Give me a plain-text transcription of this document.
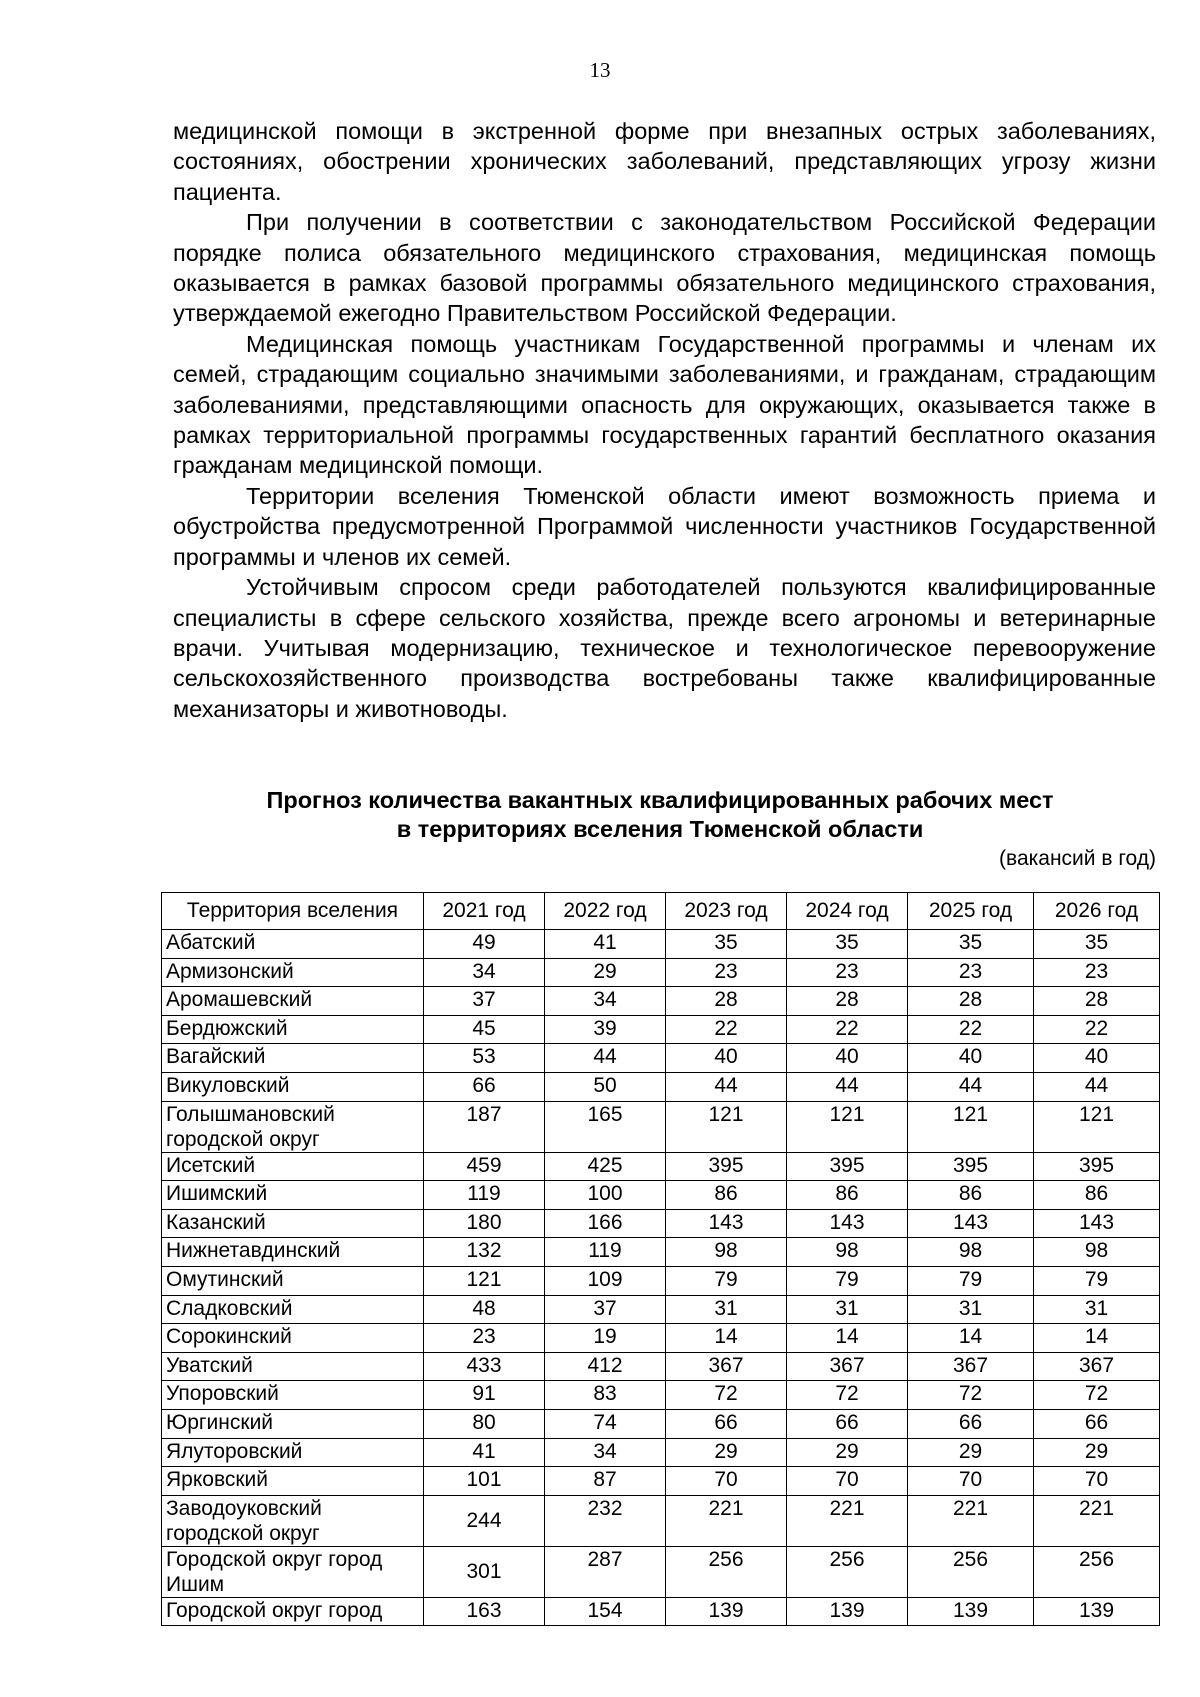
13

медицинской помощи в экстренной форме при внезапных острых заболеваниях, состояниях, обострении хронических заболеваний, представляющих угрозу жизни пациента.

При получении в соответствии с законодательством Российской Федерации порядке полиса обязательного медицинского страхования, медицинская помощь оказывается в рамках базовой программы обязательного медицинского страхования, утверждаемой ежегодно Правительством Российской Федерации.

Медицинская помощь участникам Государственной программы и членам их семей, страдающим социально значимыми заболеваниями, и гражданам, страдающим заболеваниями, представляющими опасность для окружающих, оказывается также в рамках территориальной программы государственных гарантий бесплатного оказания гражданам медицинской помощи.

Территории вселения Тюменской области имеют возможность приема и обустройства предусмотренной Программой численности участников Государственной программы и членов их семей.

Устойчивым спросом среди работодателей пользуются квалифицированные специалисты в сфере сельского хозяйства, прежде всего агрономы и ветеринарные врачи. Учитывая модернизацию, техническое и технологическое перевооружение сельскохозяйственного производства востребованы также квалифицированные механизаторы и животноводы.

Прогноз количества вакантных квалифицированных рабочих мест
в территориях вселения Тюменской области
(вакансий в год)
Территория вселения	2021 год	2022 год	2023 год	2024 год	2025 год	2026 год
Абатский	49	41	35	35	35	35
Армизонский	34	29	23	23	23	23
Аромашевский	37	34	28	28	28	28
Бердюжский	45	39	22	22	22	22
Вагайский	53	44	40	40	40	40
Викуловский	66	50	44	44	44	44
Голышмановский городской округ	187	165	121	121	121	121
Исетский	459	425	395	395	395	395
Ишимский	119	100	86	86	86	86
Казанский	180	166	143	143	143	143
Нижнетавдинский	132	119	98	98	98	98
Омутинский	121	109	79	79	79	79
Сладковский	48	37	31	31	31	31
Сорокинский	23	19	14	14	14	14
Уватский	433	412	367	367	367	367
Упоровский	91	83	72	72	72	72
Юргинский	80	74	66	66	66	66
Ялуторовский	41	34	29	29	29	29
Ярковский	101	87	70	70	70	70
Заводоуковский городской округ	244	232	221	221	221	221
Городской округ город Ишим	301	287	256	256	256	256
Городской округ город	163	154	139	139	139	139
